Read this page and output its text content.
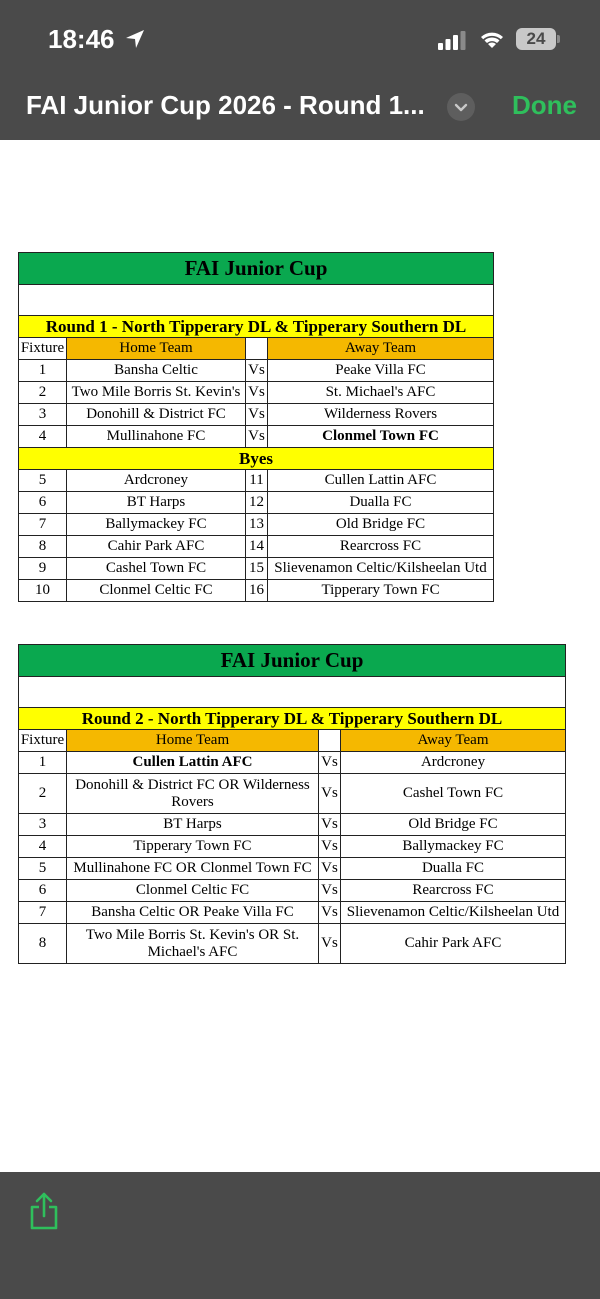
18:46	24
FAI Junior Cup 2026 - Round 1...	Done
FAI Junior Cup			

Round 1 - North Tipperary DL & Tipperary Southern DL			
Fixture	Home Team		Away Team
1	Bansha Celtic	Vs	Peake Villa FC
2	Two Mile Borris St. Kevin's	Vs	St. Michael's AFC
3	Donohill & District FC	Vs	Wilderness Rovers
4	Mullinahone FC	Vs	Clonmel Town FC
Byes			
5	Ardcroney	11	Cullen Lattin AFC
6	BT Harps	12	Dualla FC
7	Ballymackey FC	13	Old Bridge FC
8	Cahir Park AFC	14	Rearcross FC
9	Cashel Town FC	15	Slievenamon Celtic/Kilsheelan Utd
10	Clonmel Celtic FC	16	Tipperary Town FC
FAI Junior Cup			

Round 2 - North Tipperary DL & Tipperary Southern DL			
Fixture	Home Team		Away Team
1	Cullen Lattin AFC	Vs	Ardcroney
2	Donohill & District FC OR Wilderness Rovers	Vs	Cashel Town FC
3	BT Harps	Vs	Old Bridge FC
4	Tipperary Town FC	Vs	Ballymackey FC
5	Mullinahone FC OR Clonmel Town FC	Vs	Dualla FC
6	Clonmel Celtic FC	Vs	Rearcross FC
7	Bansha Celtic OR Peake Villa FC	Vs	Slievenamon Celtic/Kilsheelan Utd
8	Two Mile Borris St. Kevin's OR St. Michael's AFC	Vs	Cahir Park AFC
